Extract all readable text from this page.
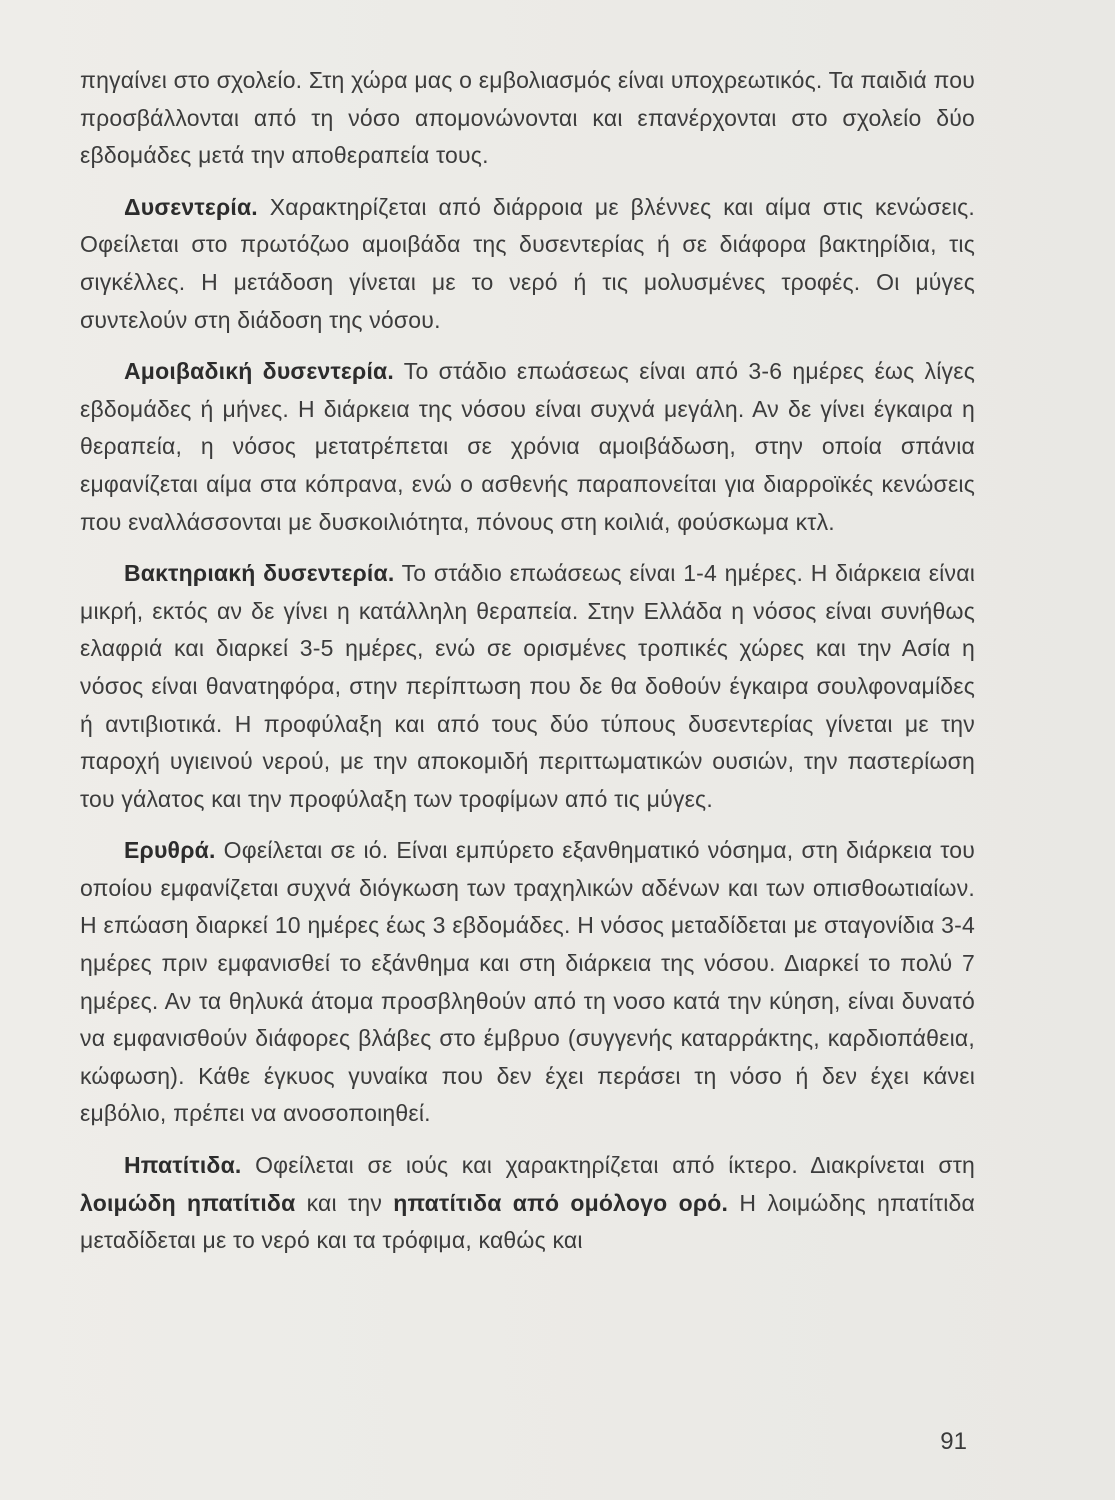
πηγαίνει στο σχολείο. Στη χώρα μας ο εμβολιασμός είναι υποχρεωτικός. Τα παιδιά που προσβάλλονται από τη νόσο απομονώνονται και επανέρχονται στο σχολείο δύο εβδομάδες μετά την αποθεραπεία τους.

Δυσεντερία. Χαρακτηρίζεται από διάρροια με βλέννες και αίμα στις κενώσεις. Οφείλεται στο πρωτόζωο αμοιβάδα της δυσεντερίας ή σε διάφορα βακτηρίδια, τις σιγκέλλες. Η μετάδοση γίνεται με το νερό ή τις μολυσμένες τροφές. Οι μύγες συντελούν στη διάδοση της νόσου.

Αμοιβαδική δυσεντερία. Το στάδιο επωάσεως είναι από 3-6 ημέρες έως λίγες εβδομάδες ή μήνες. Η διάρκεια της νόσου είναι συχνά μεγάλη. Αν δε γίνει έγκαιρα η θεραπεία, η νόσος μετατρέπεται σε χρόνια αμοιβάδωση, στην οποία σπάνια εμφανίζεται αίμα στα κόπρανα, ενώ ο ασθενής παραπονείται για διαρροϊκές κενώσεις που εναλλάσσονται με δυσκοιλιότητα, πόνους στη κοιλιά, φούσκωμα κτλ.

Βακτηριακή δυσεντερία. Το στάδιο επωάσεως είναι 1-4 ημέρες. Η διάρκεια είναι μικρή, εκτός αν δε γίνει η κατάλληλη θεραπεία. Στην Ελλάδα η νόσος είναι συνήθως ελαφριά και διαρκεί 3-5 ημέρες, ενώ σε ορισμένες τροπικές χώρες και την Ασία η νόσος είναι θανατηφόρα, στην περίπτωση που δε θα δοθούν έγκαιρα σουλφοναμίδες ή αντιβιοτικά. Η προφύλαξη και από τους δύο τύπους δυσεντερίας γίνεται με την παροχή υγιεινού νερού, με την αποκομιδή περιττωματικών ουσιών, την παστερίωση του γάλατος και την προφύλαξη των τροφίμων από τις μύγες.

Ερυθρά. Οφείλεται σε ιό. Είναι εμπύρετο εξανθηματικό νόσημα, στη διάρκεια του οποίου εμφανίζεται συχνά διόγκωση των τραχηλικών αδένων και των οπισθοωτιαίων. Η επώαση διαρκεί 10 ημέρες έως 3 εβδομάδες. Η νόσος μεταδίδεται με σταγονίδια 3-4 ημέρες πριν εμφανισθεί το εξάνθημα και στη διάρκεια της νόσου. Διαρκεί το πολύ 7 ημέρες. Αν τα θηλυκά άτομα προσβληθούν από τη νοσο κατά την κύηση, είναι δυνατό να εμφανισθούν διάφορες βλάβες στο έμβρυο (συγγενής καταρράκτης, καρδιοπάθεια, κώφωση). Κάθε έγκυος γυναίκα που δεν έχει περάσει τη νόσο ή δεν έχει κάνει εμβόλιο, πρέπει να ανοσοποιηθεί.

Ηπατίτιδα. Οφείλεται σε ιούς και χαρακτηρίζεται από ίκτερο. Διακρίνεται στη λοιμώδη ηπατίτιδα και την ηπατίτιδα από ομόλογο ορό. Η λοιμώδης ηπατίτιδα μεταδίδεται με το νερό και τα τρόφιμα, καθώς και

91
